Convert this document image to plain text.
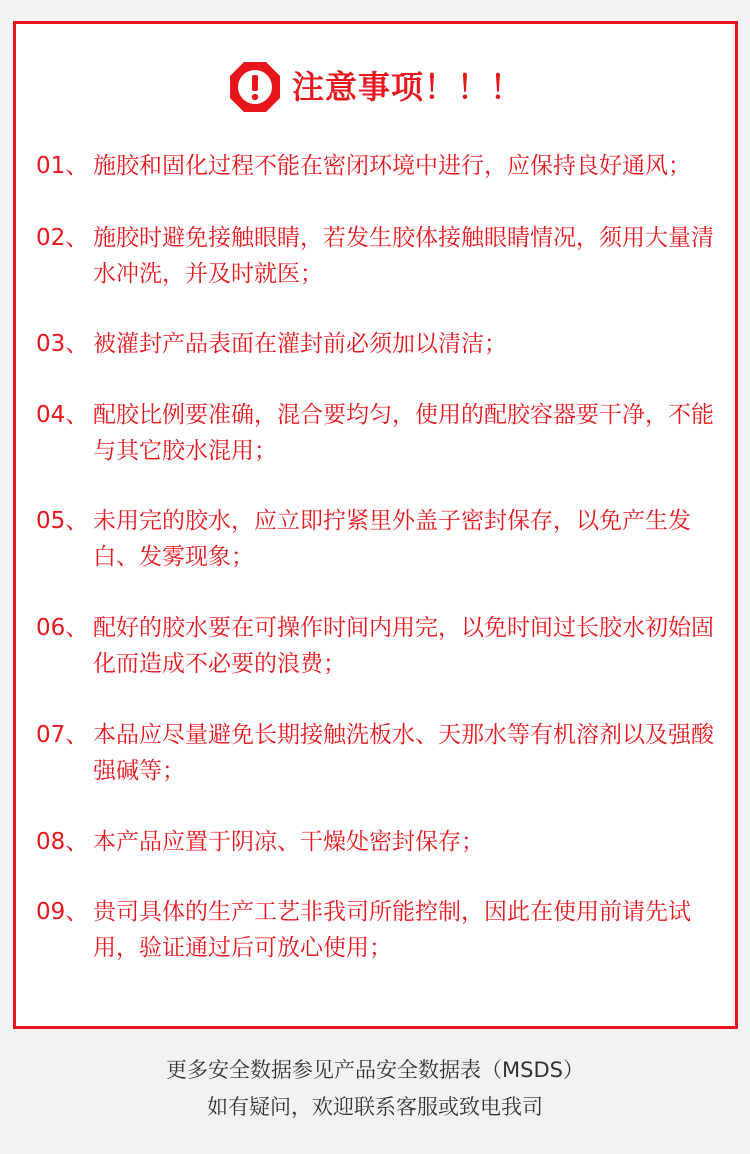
注意事项！！！
01、 施胶和固化过程不能在密闭环境中进行，应保持良好通风；
02、 施胶时避免接触眼睛，若发生胶体接触眼睛情况，须用大量清水冲洗，并及时就医；
03、 被灌封产品表面在灌封前必须加以清洁；
04、 配胶比例要准确，混合要均匀，使用的配胶容器要干净，不能与其它胶水混用；
05、 未用完的胶水，应立即拧紧里外盖子密封保存，以免产生发白、发雾现象；
06、 配好的胶水要在可操作时间内用完，以免时间过长胶水初始固化而造成不必要的浪费；
07、 本品应尽量避免长期接触洗板水、天那水等有机溶剂以及强酸强碱等；
08、 本产品应置于阴凉、干燥处密封保存；
09、 贵司具体的生产工艺非我司所能控制，因此在使用前请先试用，验证通过后可放心使用；
更多安全数据参见产品安全数据表（MSDS）
如有疑问，欢迎联系客服或致电我司
